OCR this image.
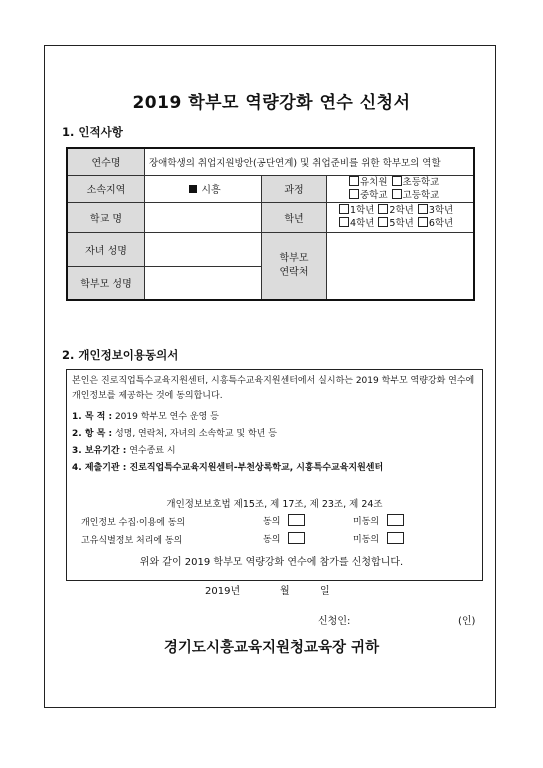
2019 학부모 역량강화 연수 신청서
1. 인적사항
연수명	장애학생의 취업지원방안(공단연계) 및 취업준비를 위한 학부모의 역할		
소속지역	시흥	과정	유치원 초등학교
중학교 고등학교

학교 명		학년	1학년 2학년 3학년
4학년 5학년 6학년

자녀 성명		학부모
연락처	

학부모 성명			
2. 개인정보이용동의서
본인은 진로직업특수교육지원센터, 시흥특수교육지원센터에서 실시하는 2019 학부모 역량강화 연수에 개인정보를 제공하는 것에 동의합니다.
1. 목 적 : 2019 학부모 연수 운영 등
2. 항 목 : 성명, 연락처, 자녀의 소속학교 및 학년 등
3. 보유기간 : 연수종료 시
4. 제출기관 : 진로직업특수교육지원센터-부천상록학교, 시흥특수교육지원센터
개인정보보호법 제15조, 제 17조, 제 23조, 제 24조
개인정보 수집·이용에 동의	동의	미동의
고유식별정보 처리에 동의	동의	미동의
위와 같이 2019 학부모 역량강화 연수에 참가를 신청합니다.
2019년	월	일
신청인:	(인)
경기도시흥교육지원청교육장 귀하
